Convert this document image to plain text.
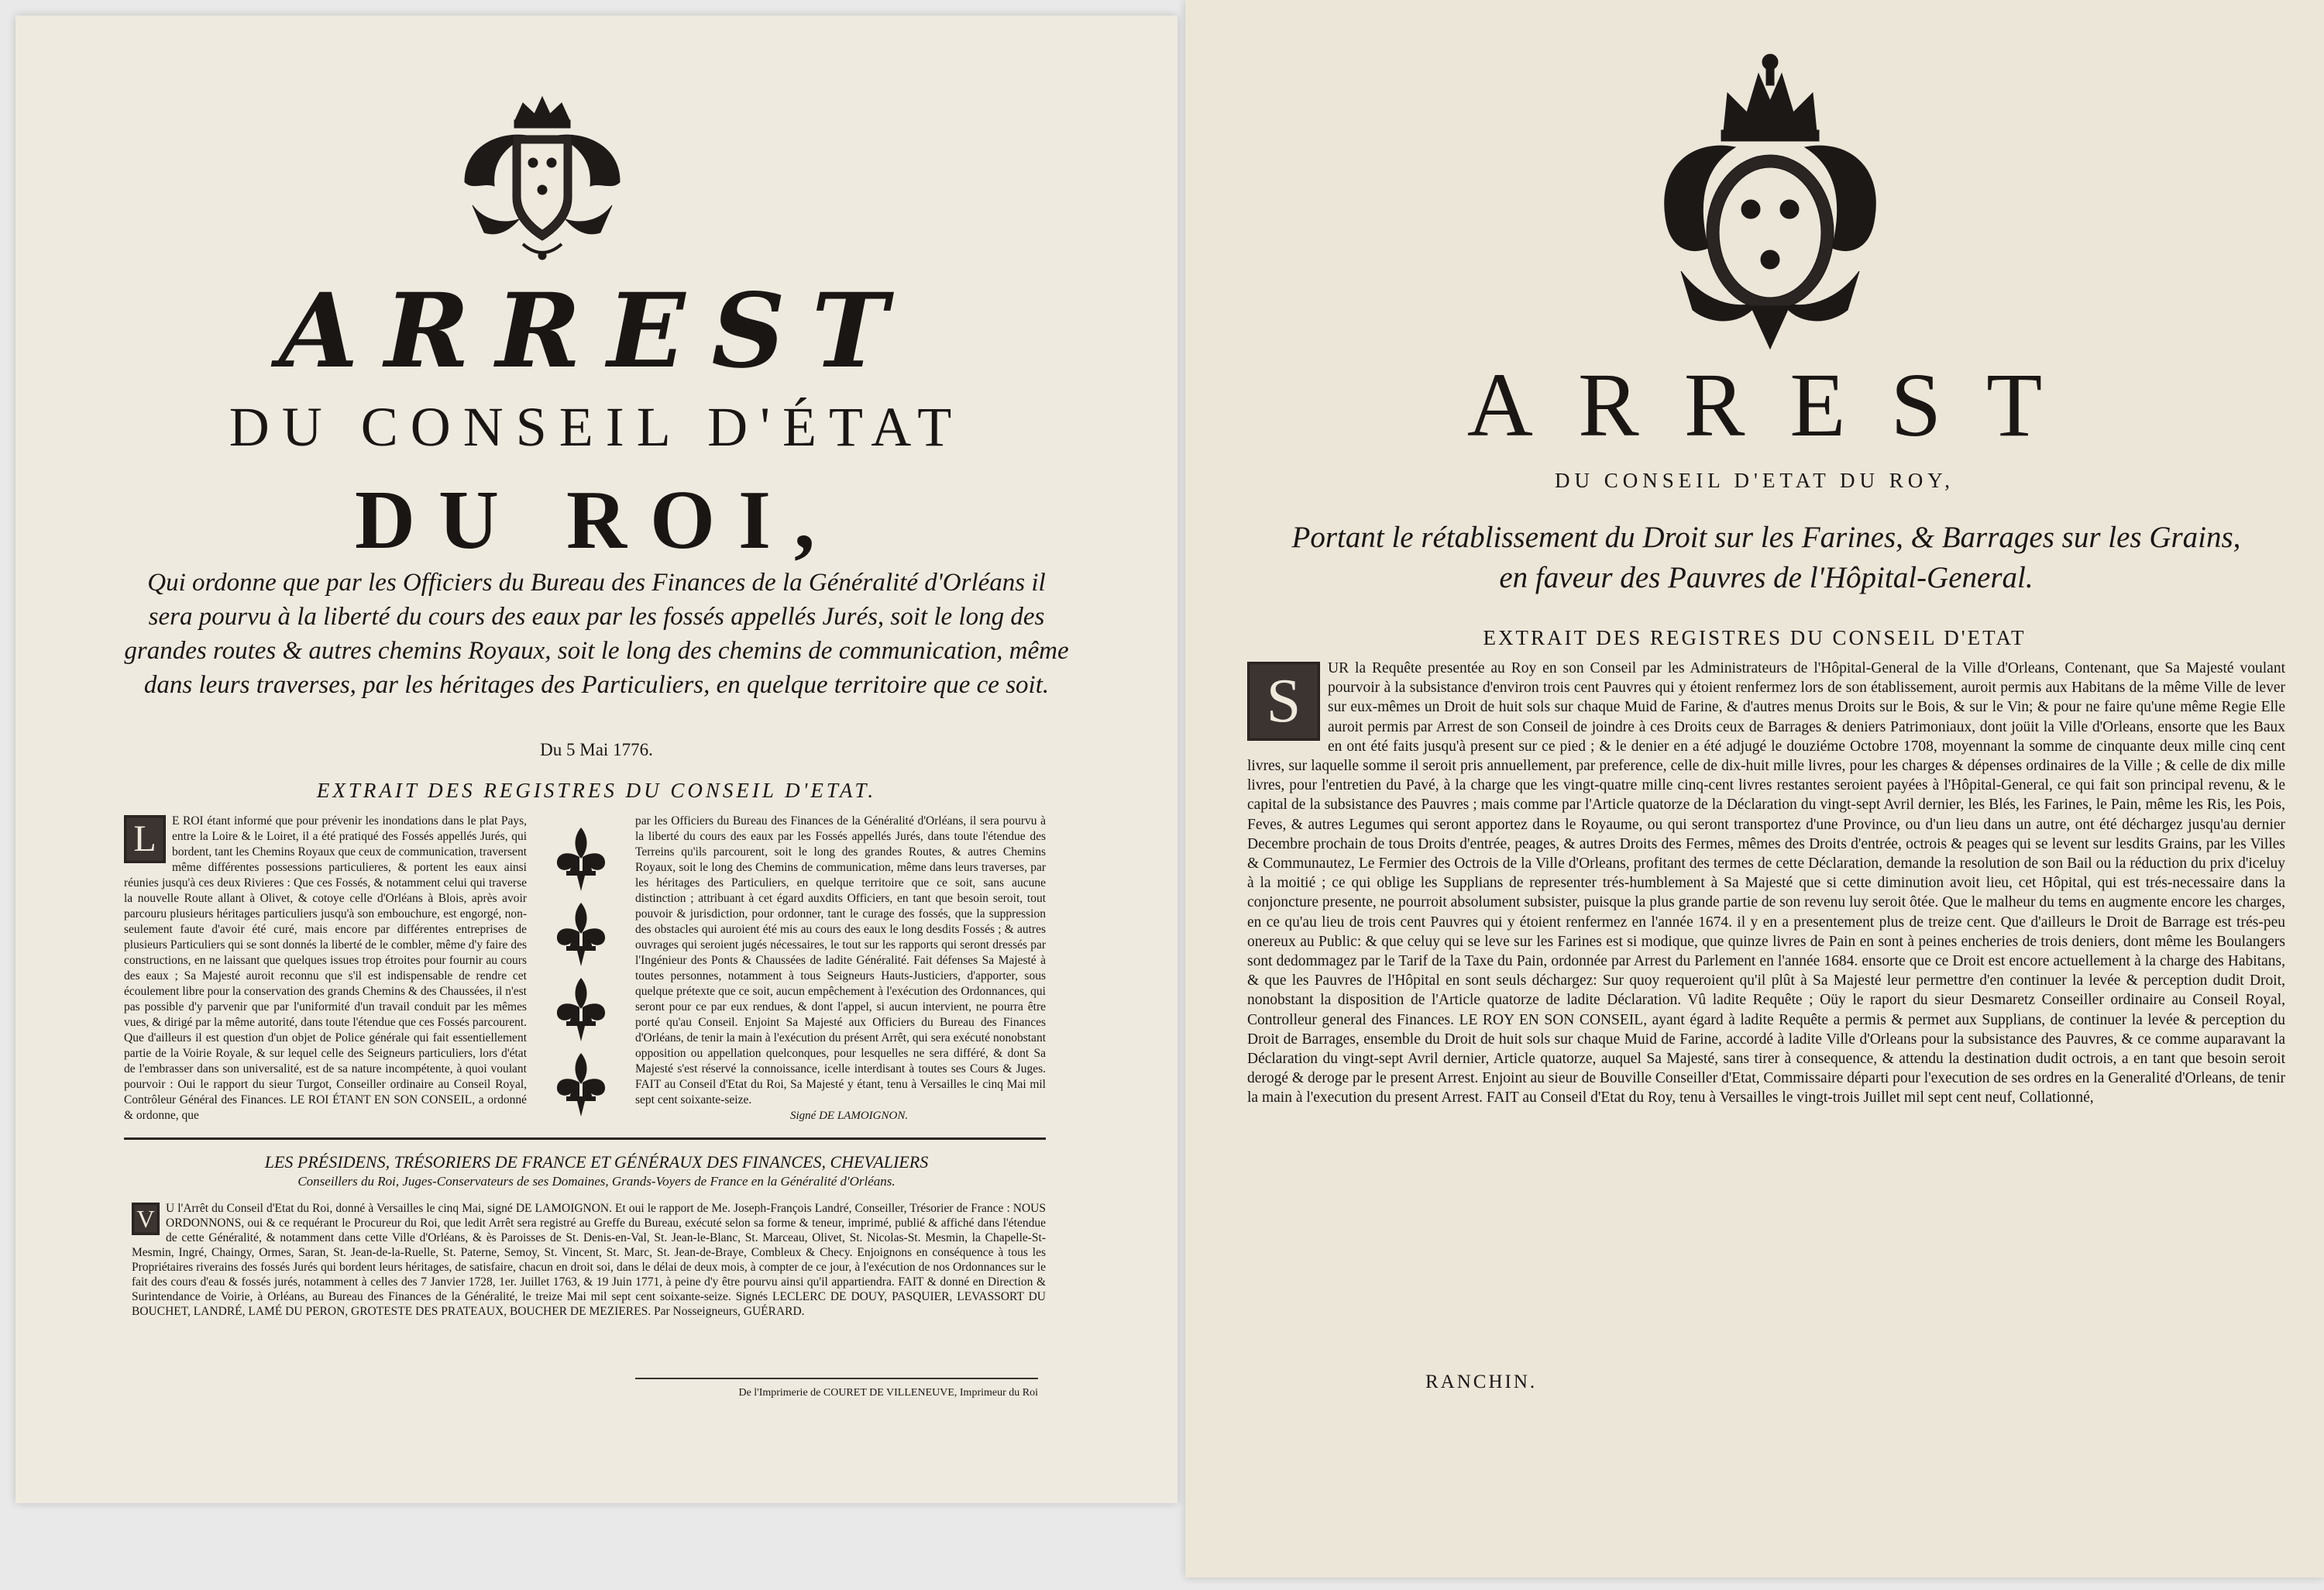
ARREST
DU CONSEIL D'ÉTAT
DU ROI,
Qui ordonne que par les Officiers du Bureau des Finances de la Généralité d'Orléans il sera pourvu à la liberté du cours des eaux par les fossés appellés Jurés, soit le long des grandes routes & autres chemins Royaux, soit le long des chemins de communication, même dans leurs traverses, par les héritages des Particuliers, en quelque territoire que ce soit.
Du 5 Mai 1776.
EXTRAIT DES REGISTRES DU CONSEIL D'ETAT.
L	E ROI étant informé que pour prévenir les inondations dans le plat Pays, entre la Loire & le Loiret, il a été pratiqué des Fossés appellés Jurés, qui bordent, tant les Chemins Royaux que ceux de communication, traversent même différentes possessions particulieres, & portent les eaux ainsi réunies jusqu'à ces deux Rivieres : Que ces Fossés, & notamment celui qui traverse la nouvelle Route allant à Olivet, & cotoye celle d'Orléans à Blois, après avoir parcouru plusieurs héritages particuliers jusqu'à son embouchure, est engorgé, non-seulement faute d'avoir été curé, mais encore par différentes entreprises de plusieurs Particuliers qui se sont donnés la liberté de le combler, même d'y faire des constructions, en ne laissant que quelques issues trop étroites pour fournir au cours des eaux ; Sa Majesté auroit reconnu que s'il est indispensable de rendre cet écoulement libre pour la conservation des grands Chemins & des Chaussées, il n'est pas possible d'y parvenir que par l'uniformité d'un travail conduit par les mêmes vues, & dirigé par la même autorité, dans toute l'étendue que ces Fossés parcourent. Que d'ailleurs il est question d'un objet de Police générale qui fait essentiellement partie de la Voirie Royale, & sur lequel celle des Seigneurs particuliers, lors d'état de l'embrasser dans son universalité, est de sa nature incompétente, à quoi voulant pourvoir : Oui le rapport du sieur Turgot, Conseiller ordinaire au Conseil Royal, Contrôleur Général des Finances. LE ROI ÉTANT EN SON CONSEIL, a ordonné & ordonne, que
par les Officiers du Bureau des Finances de la Généralité d'Orléans, il sera pourvu à la liberté du cours des eaux par les Fossés appellés Jurés, dans toute l'étendue des Terreins qu'ils parcourent, soit le long des grandes Routes, & autres Chemins Royaux, soit le long des Chemins de communication, même dans leurs traverses, par les héritages des Particuliers, en quelque territoire que ce soit, sans aucune distinction ; attribuant à cet égard auxdits Officiers, en tant que besoin seroit, tout pouvoir & jurisdiction, pour ordonner, tant le curage des fossés, que la suppression des obstacles qui auroient été mis au cours des eaux le long desdits Fossés ; & autres ouvrages qui seroient jugés nécessaires, le tout sur les rapports qui seront dressés par l'Ingénieur des Ponts & Chaussées de ladite Généralité. Fait défenses Sa Majesté à toutes personnes, notamment à tous Seigneurs Hauts-Justiciers, d'apporter, sous quelque prétexte que ce soit, aucun empêchement à l'exécution des Ordonnances, qui seront pour ce par eux rendues, & dont l'appel, si aucun intervient, ne pourra être porté qu'au Conseil. Enjoint Sa Majesté aux Officiers du Bureau des Finances d'Orléans, de tenir la main à l'exécution du présent Arrêt, qui sera exécuté nonobstant opposition ou appellation quelconques, pour lesquelles ne sera différé, & dont Sa Majesté s'est réservé la connoissance, icelle interdisant à toutes ses Cours & Juges. FAIT au Conseil d'Etat du Roi, Sa Majesté y étant, tenu à Versailles le cinq Mai mil sept cent soixante-seize.
Signé DE LAMOIGNON.
LES PRÉSIDENS, TRÉSORIERS DE FRANCE ET GÉNÉRAUX DES FINANCES, CHEVALIERS
Conseillers du Roi, Juges-Conservateurs de ses Domaines, Grands-Voyers de France en la Généralité d'Orléans.
V U l'Arrêt du Conseil d'Etat du Roi, donné à Versailles le cinq Mai, signé DE LAMOIGNON. Et oui le rapport de Me. Joseph-François Landré, Conseiller, Trésorier de France : NOUS ORDONNONS, oui & ce requérant le Procureur du Roi, que ledit Arrêt sera registré au Greffe du Bureau, exécuté selon sa forme & teneur, imprimé, publié & affiché dans l'étendue de cette Généralité, & notamment dans cette Ville d'Orléans, & ès Paroisses de St. Denis-en-Val, St. Jean-le-Blanc, St. Marceau, Olivet, St. Nicolas-St. Mesmin, la Chapelle-St-Mesmin, Ingré, Chaingy, Ormes, Saran, St. Jean-de-la-Ruelle, St. Paterne, Semoy, St. Vincent, St. Marc, St. Jean-de-Braye, Combleux & Checy. Enjoignons en conséquence à tous les Propriétaires riverains des fossés Jurés qui bordent leurs héritages, de satisfaire, chacun en droit soi, dans le délai de deux mois, à compter de ce jour, à l'exécution de nos Ordonnances sur le fait des cours d'eau & fossés jurés, notamment à celles des 7 Janvier 1728, 1er. Juillet 1763, & 19 Juin 1771, à peine d'y être pourvu ainsi qu'il appartiendra. FAIT & donné en Direction & Surintendance de Voirie, à Orléans, au Bureau des Finances de la Généralité, le treize Mai mil sept cent soixante-seize. Signés LECLERC DE DOUY, PASQUIER, LEVASSORT DU BOUCHET, LANDRÉ, LAMÉ DU PERON, GROTESTE DES PRATEAUX, BOUCHER DE MEZIERES. Par Nosseigneurs, GUÉRARD.
De l'Imprimerie de COURET DE VILLENEUVE, Imprimeur du Roi
ARREST
DU CONSEIL D'ETAT DU ROY,
Portant le rétablissement du Droit sur les Farines, & Barrages sur les Grains, en faveur des Pauvres de l'Hôpital-General.
EXTRAIT DES REGISTRES DU CONSEIL D'ETAT
S	UR la Requête presentée au Roy en son Conseil par les Administrateurs de l'Hôpital-General de la Ville d'Orleans, Contenant, que Sa Majesté voulant pourvoir à la subsistance d'environ trois cent Pauvres qui y étoient renfermez lors de son établissement, auroit permis aux Habitans de la même Ville de lever sur eux-mêmes un Droit de huit sols sur chaque Muid de Farine, & d'autres menus Droits sur le Bois, & sur le Vin; & pour ne faire qu'une même Regie Elle auroit permis par Arrest de son Conseil de joindre à ces Droits ceux de Barrages & deniers Patrimoniaux, dont joüit la Ville d'Orleans, ensorte que les Baux en ont été faits jusqu'à present sur ce pied ; & le denier en a été adjugé le douziéme Octobre 1708, moyennant la somme de cinquante deux mille cinq cent livres, sur laquelle somme il seroit pris annuellement, par preference, celle de dix-huit mille livres, pour les charges & dépenses ordinaires de la Ville ; & celle de dix mille livres, pour l'entretien du Pavé, à la charge que les vingt-quatre mille cinq-cent livres restantes seroient payées à l'Hôpital-General, ce qui fait son principal revenu, & le capital de la subsistance des Pauvres ; mais comme par l'Article quatorze de la Déclaration du vingt-sept Avril dernier, les Blés, les Farines, le Pain, même les Ris, les Pois, Feves, & autres Legumes qui seront apportez dans le Royaume, ou qui seront transportez d'une Province, ou d'un lieu dans un autre, ont été déchargez jusqu'au dernier Decembre prochain de tous Droits d'entrée, peages, & autres Droits des Fermes, mêmes des Droits d'entrée, octrois & peages qui se levent sur lesdits Grains, par les Villes & Communautez, Le Fermier des Octrois de la Ville d'Orleans, profitant des termes de cette Déclaration, demande la resolution de son Bail ou la réduction du prix d'iceluy à la moitié ; ce qui oblige les Supplians de representer trés-humblement à Sa Majesté que si cette diminution avoit lieu, cet Hôpital, qui est trés-necessaire dans la conjoncture presente, ne pourroit absolument subsister, puisque la plus grande partie de son revenu luy seroit ôtée. Que le malheur du tems en augmente encore les charges, en ce qu'au lieu de trois cent Pauvres qui y étoient renfermez en l'année 1674. il y en a presentement plus de treize cent. Que d'ailleurs le Droit de Barrage est trés-peu onereux au Public: & que celuy qui se leve sur les Farines est si modique, que quinze livres de Pain en sont à peines encheries de trois deniers, dont même les Boulangers sont dedommagez par le Tarif de la Taxe du Pain, ordonnée par Arrest du Parlement en l'année 1684. ensorte que ce Droit est encore actuellement à la charge des Habitans, & que les Pauvres de l'Hôpital en sont seuls déchargez: Sur quoy requeroient qu'il plût à Sa Majesté leur permettre d'en continuer la levée & perception dudit Droit, nonobstant la disposition de l'Article quatorze de ladite Déclaration. Vû ladite Requête ; Oüy le raport du sieur Desmaretz Conseiller ordinaire au Conseil Royal, Controlleur general des Finances. LE ROY EN SON CONSEIL, ayant égard à ladite Requête a permis & permet aux Supplians, de continuer la levée & perception du Droit de Barrages, ensemble du Droit de huit sols sur chaque Muid de Farine, accordé à ladite Ville d'Orleans pour la subsistance des Pauvres, & ce comme auparavant la Déclaration du vingt-sept Avril dernier, Article quatorze, auquel Sa Majesté, sans tirer à consequence, & attendu la destination dudit octrois, a en tant que besoin seroit derogé & deroge par le present Arrest. Enjoint au sieur de Bouville Conseiller d'Etat, Commissaire départi pour l'execution de ses ordres en la Generalité d'Orleans, de tenir la main à l'execution du present Arrest. FAIT au Conseil d'Etat du Roy, tenu à Versailles le vingt-trois Juillet mil sept cent neuf, Collationné,
RANCHIN.
